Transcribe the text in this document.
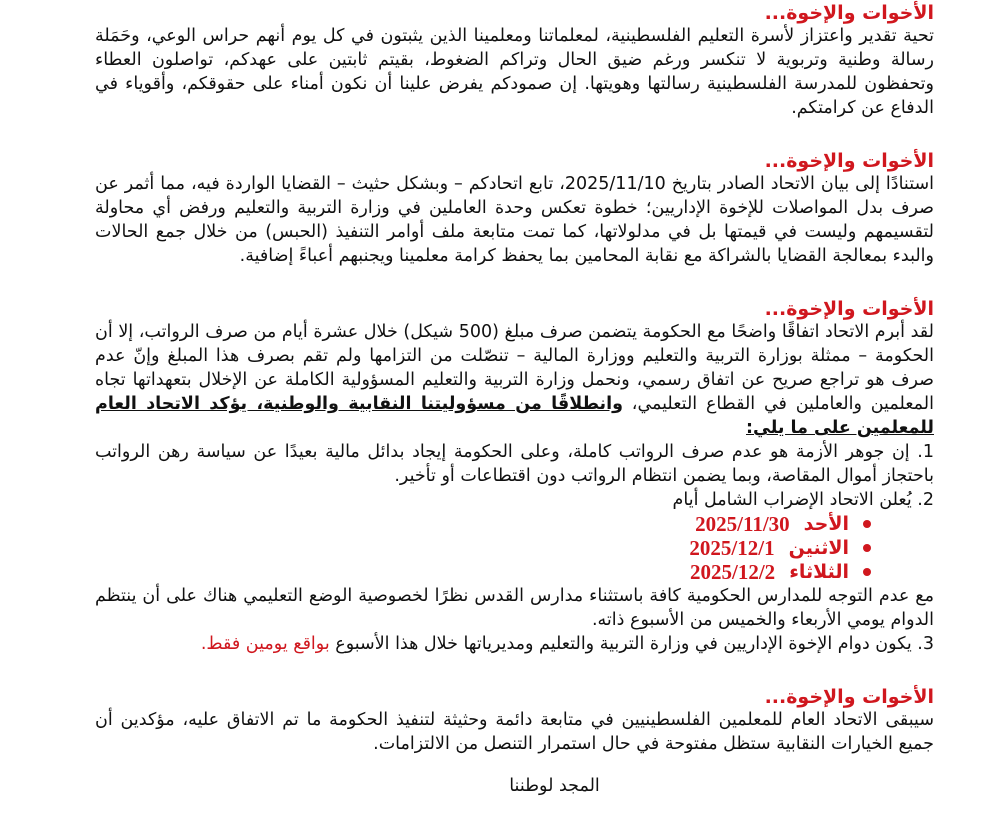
الأخوات والإخوة...

تحية تقدير واعتزاز لأسرة التعليم الفلسطينية، لمعلماتنا ومعلمينا الذين يثبتون في كل يوم أنهم حراس الوعي، وحَمَلة رسالة وطنية وتربوية لا تنكسر ورغم ضيق الحال وتراكم الضغوط، بقيتم ثابتين على عهدكم، تواصلون العطاء وتحفظون للمدرسة الفلسطينية رسالتها وهويتها. إن صمودكم يفرض علينا أن نكون أمناء على حقوقكم، وأقوياء في الدفاع عن كرامتكم.

الأخوات والإخوة...

استنادًا إلى بيان الاتحاد الصادر بتاريخ 2025/11/10، تابع اتحادكم – وبشكل حثيث – القضايا الواردة فيه، مما أثمر عن صرف بدل المواصلات للإخوة الإداريين؛ خطوة تعكس وحدة العاملين في وزارة التربية والتعليم ورفض أي محاولة لتقسيمهم وليست في قيمتها بل في مدلولاتها، كما تمت متابعة ملف أوامر التنفيذ (الحبس) من خلال جمع الحالات والبدء بمعالجة القضايا بالشراكة مع نقابة المحامين بما يحفظ كرامة معلمينا ويجنبهم أعباءً إضافية.

الأخوات والإخوة...

لقد أبرم الاتحاد اتفاقًا واضحًا مع الحكومة يتضمن صرف مبلغ (500 شيكل) خلال عشرة أيام من صرف الرواتب، إلا أن الحكومة – ممثلة بوزارة التربية والتعليم ووزارة المالية – تنصّلت من التزامها ولم تقم بصرف هذا المبلغ وإنّ عدم صرف هو تراجع صريح عن اتفاق رسمي، ونحمل وزارة التربية والتعليم المسؤولية الكاملة عن الإخلال بتعهداتها تجاه المعلمين والعاملين في القطاع التعليمي، وانطلاقًا من مسؤوليتنا النقابية والوطنية، يؤكد الاتحاد العام للمعلمين على ما يلي:

1. إن جوهر الأزمة هو عدم صرف الرواتب كاملة، وعلى الحكومة إيجاد بدائل مالية بعيدًا عن سياسة رهن الرواتب باحتجاز أموال المقاصة، وبما يضمن انتظام الرواتب دون اقتطاعات أو تأخير.

2. يُعلن الاتحاد الإضراب الشامل أيام

الأحد
2025/11/30
الاثنين
2025/12/1
الثلاثاء
2025/12/2

مع عدم التوجه للمدارس الحكومية كافة باستثناء مدارس القدس نظرًا لخصوصية الوضع التعليمي هناك على أن ينتظم الدوام يومي الأربعاء والخميس من الأسبوع ذاته.

3. يكون دوام الإخوة الإداريين في وزارة التربية والتعليم ومديرياتها خلال هذا الأسبوع بواقع يومين فقط.

الأخوات والإخوة...

سيبقى الاتحاد العام للمعلمين الفلسطينيين في متابعة دائمة وحثيثة لتنفيذ الحكومة ما تم الاتفاق عليه، مؤكدين أن جميع الخيارات النقابية ستظل مفتوحة في حال استمرار التنصل من الالتزامات.

المجد لوطننا
